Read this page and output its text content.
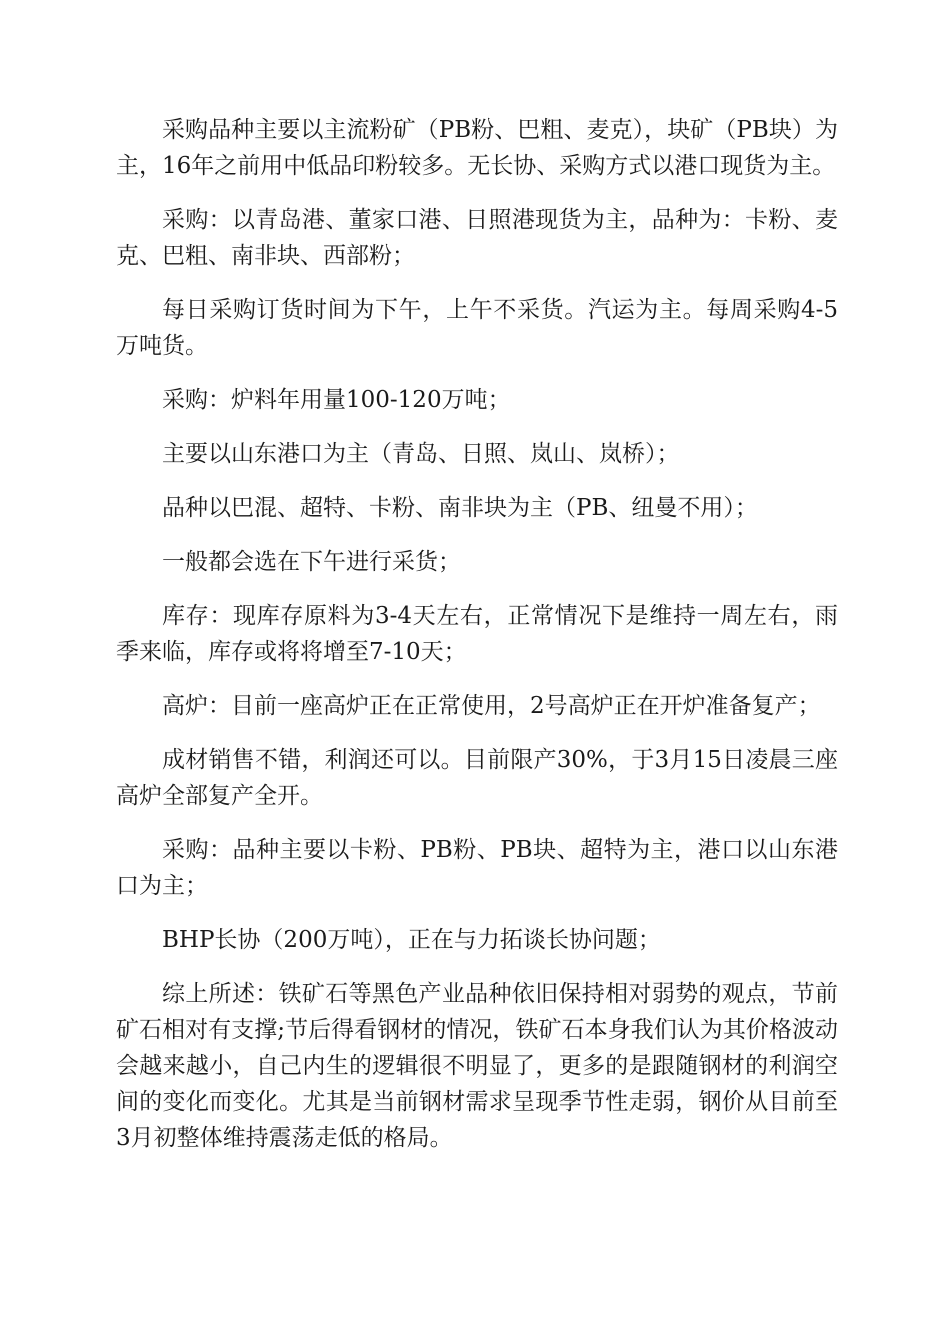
采购品种主要以主流粉矿（PB粉、巴粗、麦克），块矿（PB块）为主，16年之前用中低品印粉较多。无长协、采购方式以港口现货为主。

采购：以青岛港、董家口港、日照港现货为主，品种为：卡粉、麦克、巴粗、南非块、西部粉；

每日采购订货时间为下午，上午不采货。汽运为主。每周采购4-5万吨货。

采购：炉料年用量100-120万吨；

主要以山东港口为主（青岛、日照、岚山、岚桥）；

品种以巴混、超特、卡粉、南非块为主（PB、纽曼不用）；

一般都会选在下午进行采货；

库存：现库存原料为3-4天左右，正常情况下是维持一周左右，雨季来临，库存或将将增至7-10天；

高炉：目前一座高炉正在正常使用，2号高炉正在开炉准备复产；

成材销售不错，利润还可以。目前限产30%，于3月15日凌晨三座高炉全部复产全开。

采购：品种主要以卡粉、PB粉、PB块、超特为主，港口以山东港口为主；

BHP长协（200万吨），正在与力拓谈长协问题；

综上所述：铁矿石等黑色产业品种依旧保持相对弱势的观点，节前矿石相对有支撑;节后得看钢材的情况，铁矿石本身我们认为其价格波动会越来越小，自己内生的逻辑很不明显了，更多的是跟随钢材的利润空间的变化而变化。尤其是当前钢材需求呈现季节性走弱，钢价从目前至3月初整体维持震荡走低的格局。
